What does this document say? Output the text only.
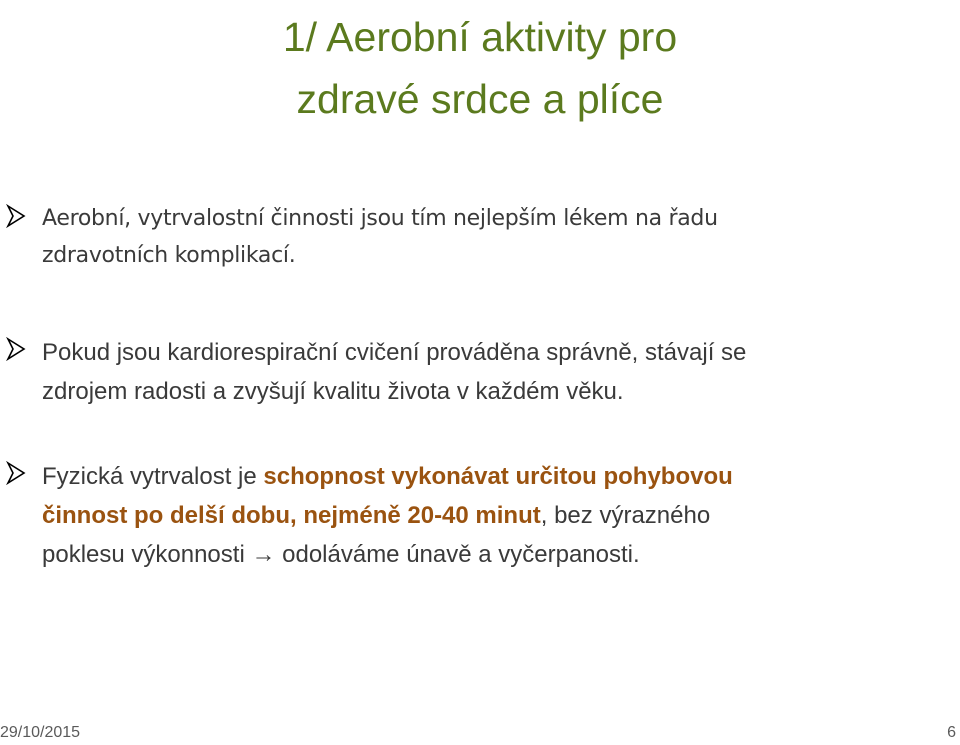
1/ Aerobní aktivity pro
zdravé srdce a plíce
Aerobní, vytrvalostní činnosti jsou tím nejlepším lékem na řadu
zdravotních komplikací.
Pokud jsou kardiorespirační cvičení prováděna správně, stávají se
zdrojem radosti a zvyšují kvalitu života v každém věku.
Fyzická vytrvalost je schopnost vykonávat určitou pohybovou
činnost po delší dobu, nejméně 20-40 minut, bez výrazného
poklesu výkonnosti → odoláváme únavě a vyčerpanosti.
29/10/2015	6
